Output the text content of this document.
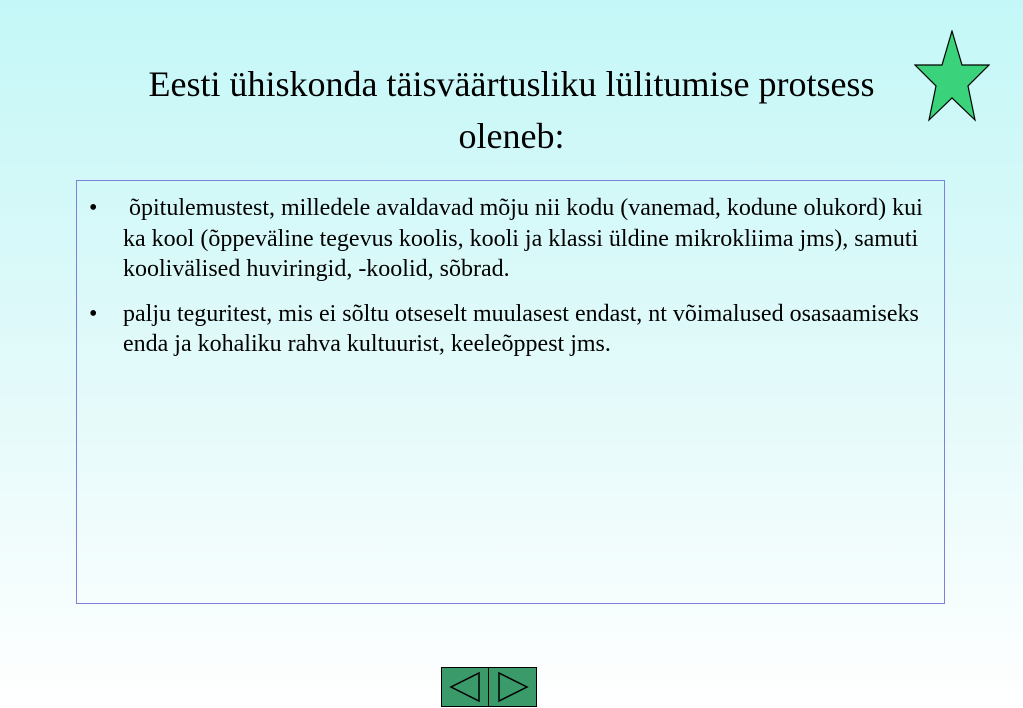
Eesti ühiskonda täisväärtusliku lülitumise protsess
oleneb:
• õpitulemustest, milledele avaldavad mõju nii kodu (vanemad, kodune olukord) kui ka kool (õppeväline tegevus koolis, kooli ja klassi üldine mikrokliima jms), samuti koolivälised huviringid, -koolid, sõbrad.
• palju teguritest, mis ei sõltu otseselt muulasest endast, nt võimalused osasaamiseks enda ja kohaliku rahva kultuurist, keeleõppest jms.
